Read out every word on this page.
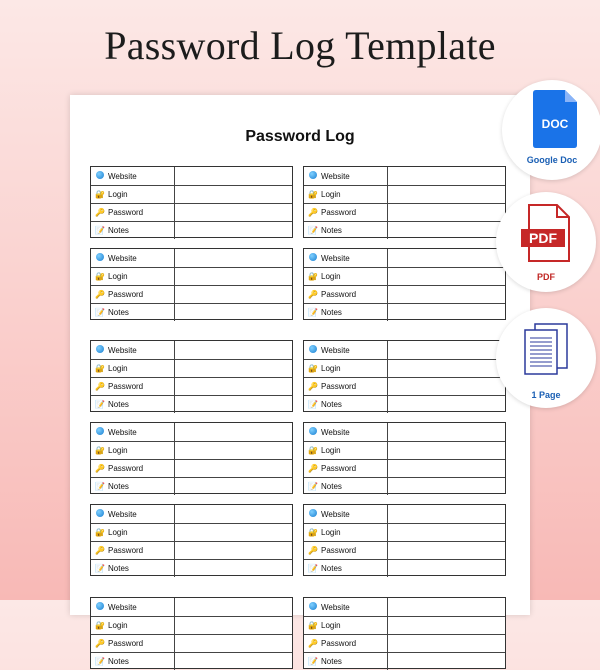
Password Log Template
Password Log
Website
🔐 Login
🔑 Password
📝 Notes
Website
🔐 Login
🔑 Password
📝 Notes
Website
🔐 Login
🔑 Password
📝 Notes
Website
🔐 Login
🔑 Password
📝 Notes
Website
🔐 Login
🔑 Password
📝 Notes
Website
🔐 Login
🔑 Password
📝 Notes
Website
🔐 Login
🔑 Password
📝 Notes
Website
🔐 Login
🔑 Password
📝 Notes
Website
🔐 Login
🔑 Password
📝 Notes
Website
🔐 Login
🔑 Password
📝 Notes
Website
🔐 Login
🔑 Password
📝 Notes
Website
🔐 Login
🔑 Password
📝 Notes
DOC
Google Doc
PDF
PDF
1 Page
